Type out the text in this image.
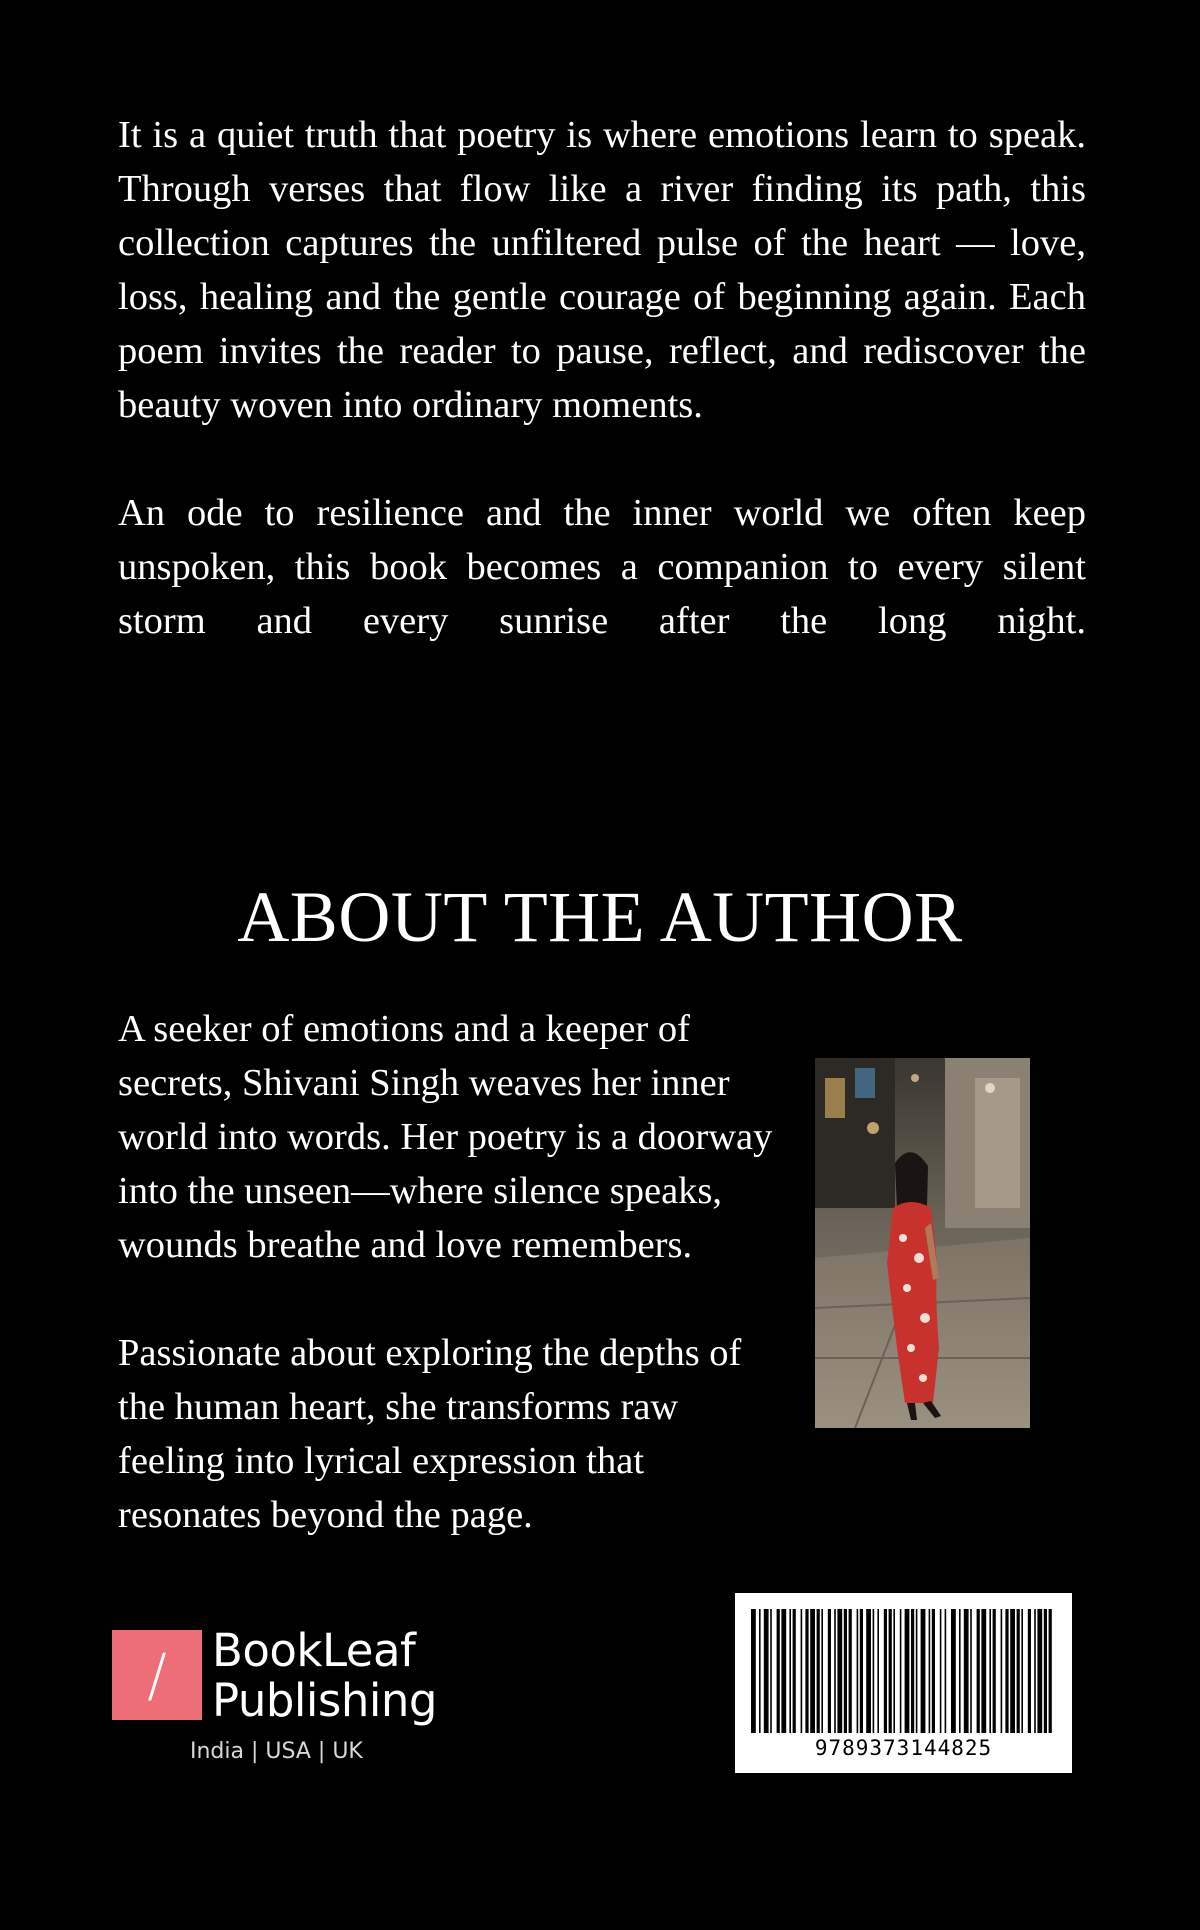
It is a quiet truth that poetry is where emotions learn to speak. Through verses that flow like a river finding its path, this collection captures the unfiltered pulse of the heart — love, loss, healing and the gentle courage of beginning again. Each poem invites the reader to pause, reflect, and rediscover the beauty woven into ordinary moments.

An ode to resilience and the inner world we often keep unspoken, this book becomes a companion to every silent storm and every sunrise after the long night.

ABOUT THE AUTHOR

A seeker of emotions and a keeper of secrets, Shivani Singh weaves her inner world into words. Her poetry is a doorway into the unseen—where silence speaks, wounds breathe and love remembers.

Passionate about exploring the depths of the human heart, she transforms raw feeling into lyrical expression that resonates beyond the page.

/	BookLeaf
Publishing
India | USA | UK	9789373144825
